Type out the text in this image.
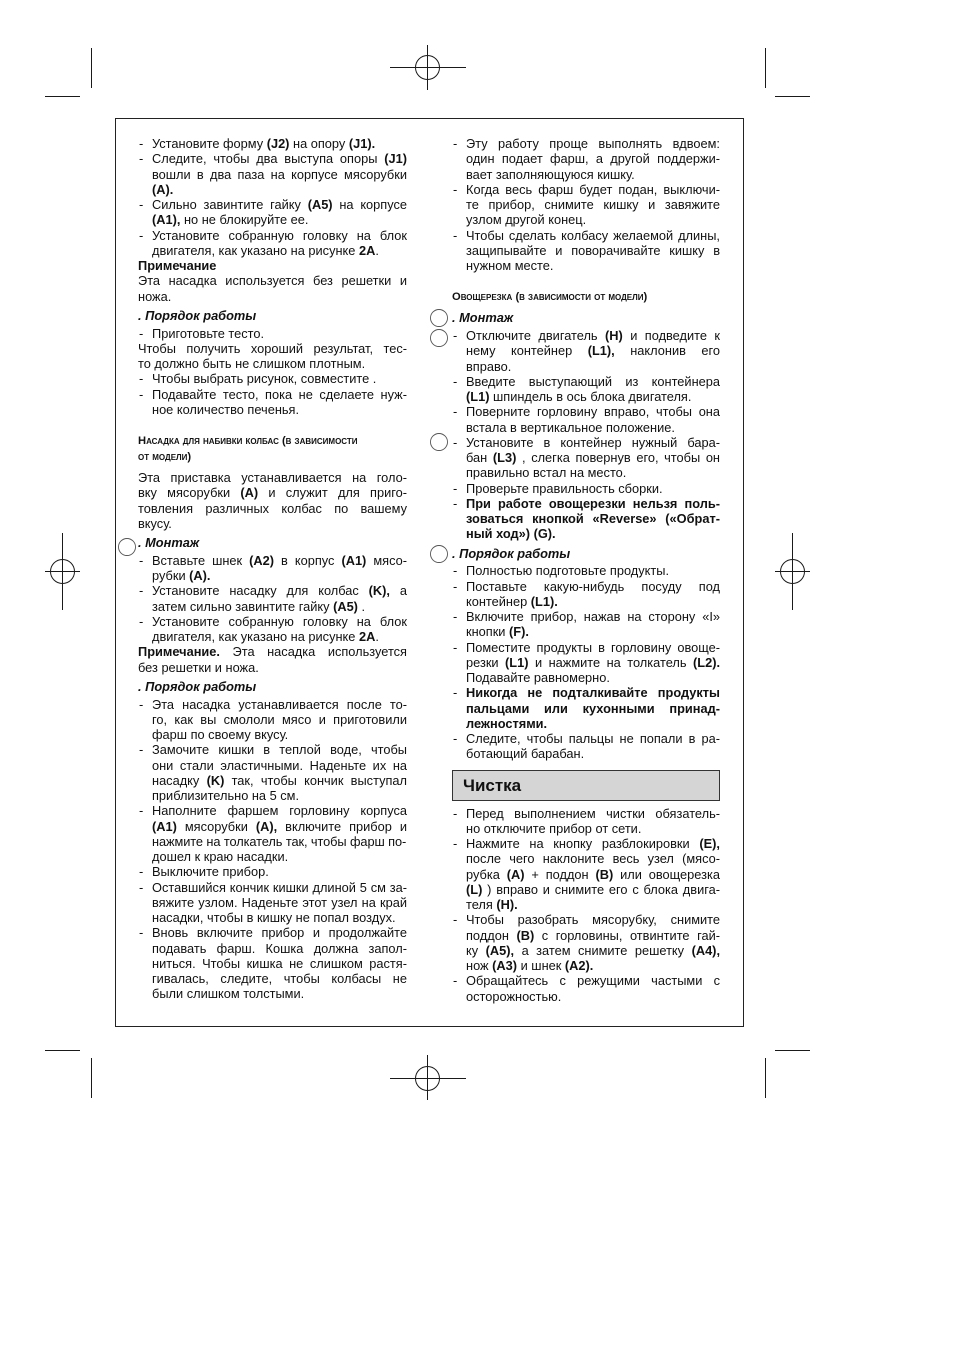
- Установите форму (J2) на опору (J1).
- Следите, чтобы два выступа опоры (J1)
вошли в два паза на корпусе мясорубки
(A).
- Сильно завинтите гайку (A5) на корпусе
(A1), но не блокируйте ее.
- Установите собранную головку на блок
двигателя, как указано на рисунке 2A.
Примечание
Эта насадка используется без решетки и
ножа.
. Порядок работы
- Приготовьте тесто.
Чтобы получить хороший результат, тес-
то должно быть не слишком плотным.
- Чтобы выбрать рисунок, совместите .
- Подавайте тесто, пока не сделаете нуж-
ное количество печенья.
Насадка для набивки колбас (в зависимости
от модели)
Эта приставка устанавливается на голо-
вку мясорубки (A) и служит для приго-
товления различных колбас по вашему
вкусу.
. Монтаж
- Вставьте шнек (A2) в корпус (A1) мясо-
рубки (A).
- Установите насадку для колбас (K), а
затем сильно завинтите гайку (A5) .
- Установите собранную головку на блок
двигателя, как указано на рисунке 2A.
Примечание. Эта насадка используется
без решетки и ножа.
. Порядок работы
- Эта насадка устанавливается после то-
го, как вы смололи мясо и приготовили
фарш по своему вкусу.
- Замочите кишки в теплой воде, чтобы
они стали эластичными. Наденьте их на
насадку (K) так, чтобы кончик выступал
приблизительно на 5 см.
- Наполните фаршем горловину корпуса
(A1) мясорубки (A), включите прибор и
нажмите на толкатель так, чтобы фарш по-
дошел к краю насадки.
- Выключите прибор.
- Оставшийся кончик кишки длиной 5 см за-
вяжите узлом. Наденьте этот узел на край
насадки, чтобы в кишку не попал воздух.
- Вновь включите прибор и продолжайте
подавать фарш. Кошка должна запол-
ниться. Чтобы кишка не слишком растя-
гивалась, следите, чтобы колбасы не
были слишком толстыми.
- Эту работу проще выполнять вдвоем:
один подает фарш, а другой поддержи-
вает заполняющуюся кишку.
- Когда весь фарш будет подан, выключи-
те прибор, снимите кишку и завяжите
узлом другой конец.
- Чтобы сделать колбасу желаемой длины,
защипывайте и поворачивайте кишку в
нужном месте.
Овощерезка (в зависимости от модели)
. Монтаж
- Отключите двигатель (H) и подведите к
нему контейнер (L1), наклонив его
вправо.
- Введите выступающий из контейнера
(L1) шпиндель в ось блока двигателя.
- Поверните горловину вправо, чтобы она
встала в вертикальное положение.
- Установите в контейнер нужный бара-
бан (L3) , слегка повернув его, чтобы он
правильно встал на место.
- Проверьте правильность сборки.
- При работе овощерезки нельзя поль-
зоваться кнопкой «Reverse» («Обрат-
ный ход») (G).
. Порядок работы
- Полностью подготовьте продукты.
- Поставьте какую-нибудь посуду под
контейнер (L1).
- Включите прибор, нажав на сторону «I»
кнопки (F).
- Поместите продукты в горловину овоще-
резки (L1) и нажмите на толкатель (L2).
Подавайте равномерно.
- Никогда не подталкивайте продукты
пальцами или кухонными принад-
лежностями.
- Следите, чтобы пальцы не попали в ра-
ботающий барабан.
Чистка
- Перед выполнением чистки обязатель-
но отключите прибор от сети.
- Нажмите на кнопку разблокировки (E),
после чего наклоните весь узел (мясо-
рубка (A) + поддон (B) или овощерезка
(L) ) вправо и снимите его с блока двига-
теля (H).
- Чтобы разобрать мясорубку, снимите
поддон (B) с горловины, отвинтите гай-
ку (A5), а затем снимите решетку (A4),
нож (A3) и шнек (A2).
- Обращайтесь с режущими частыми с
осторожностью.
